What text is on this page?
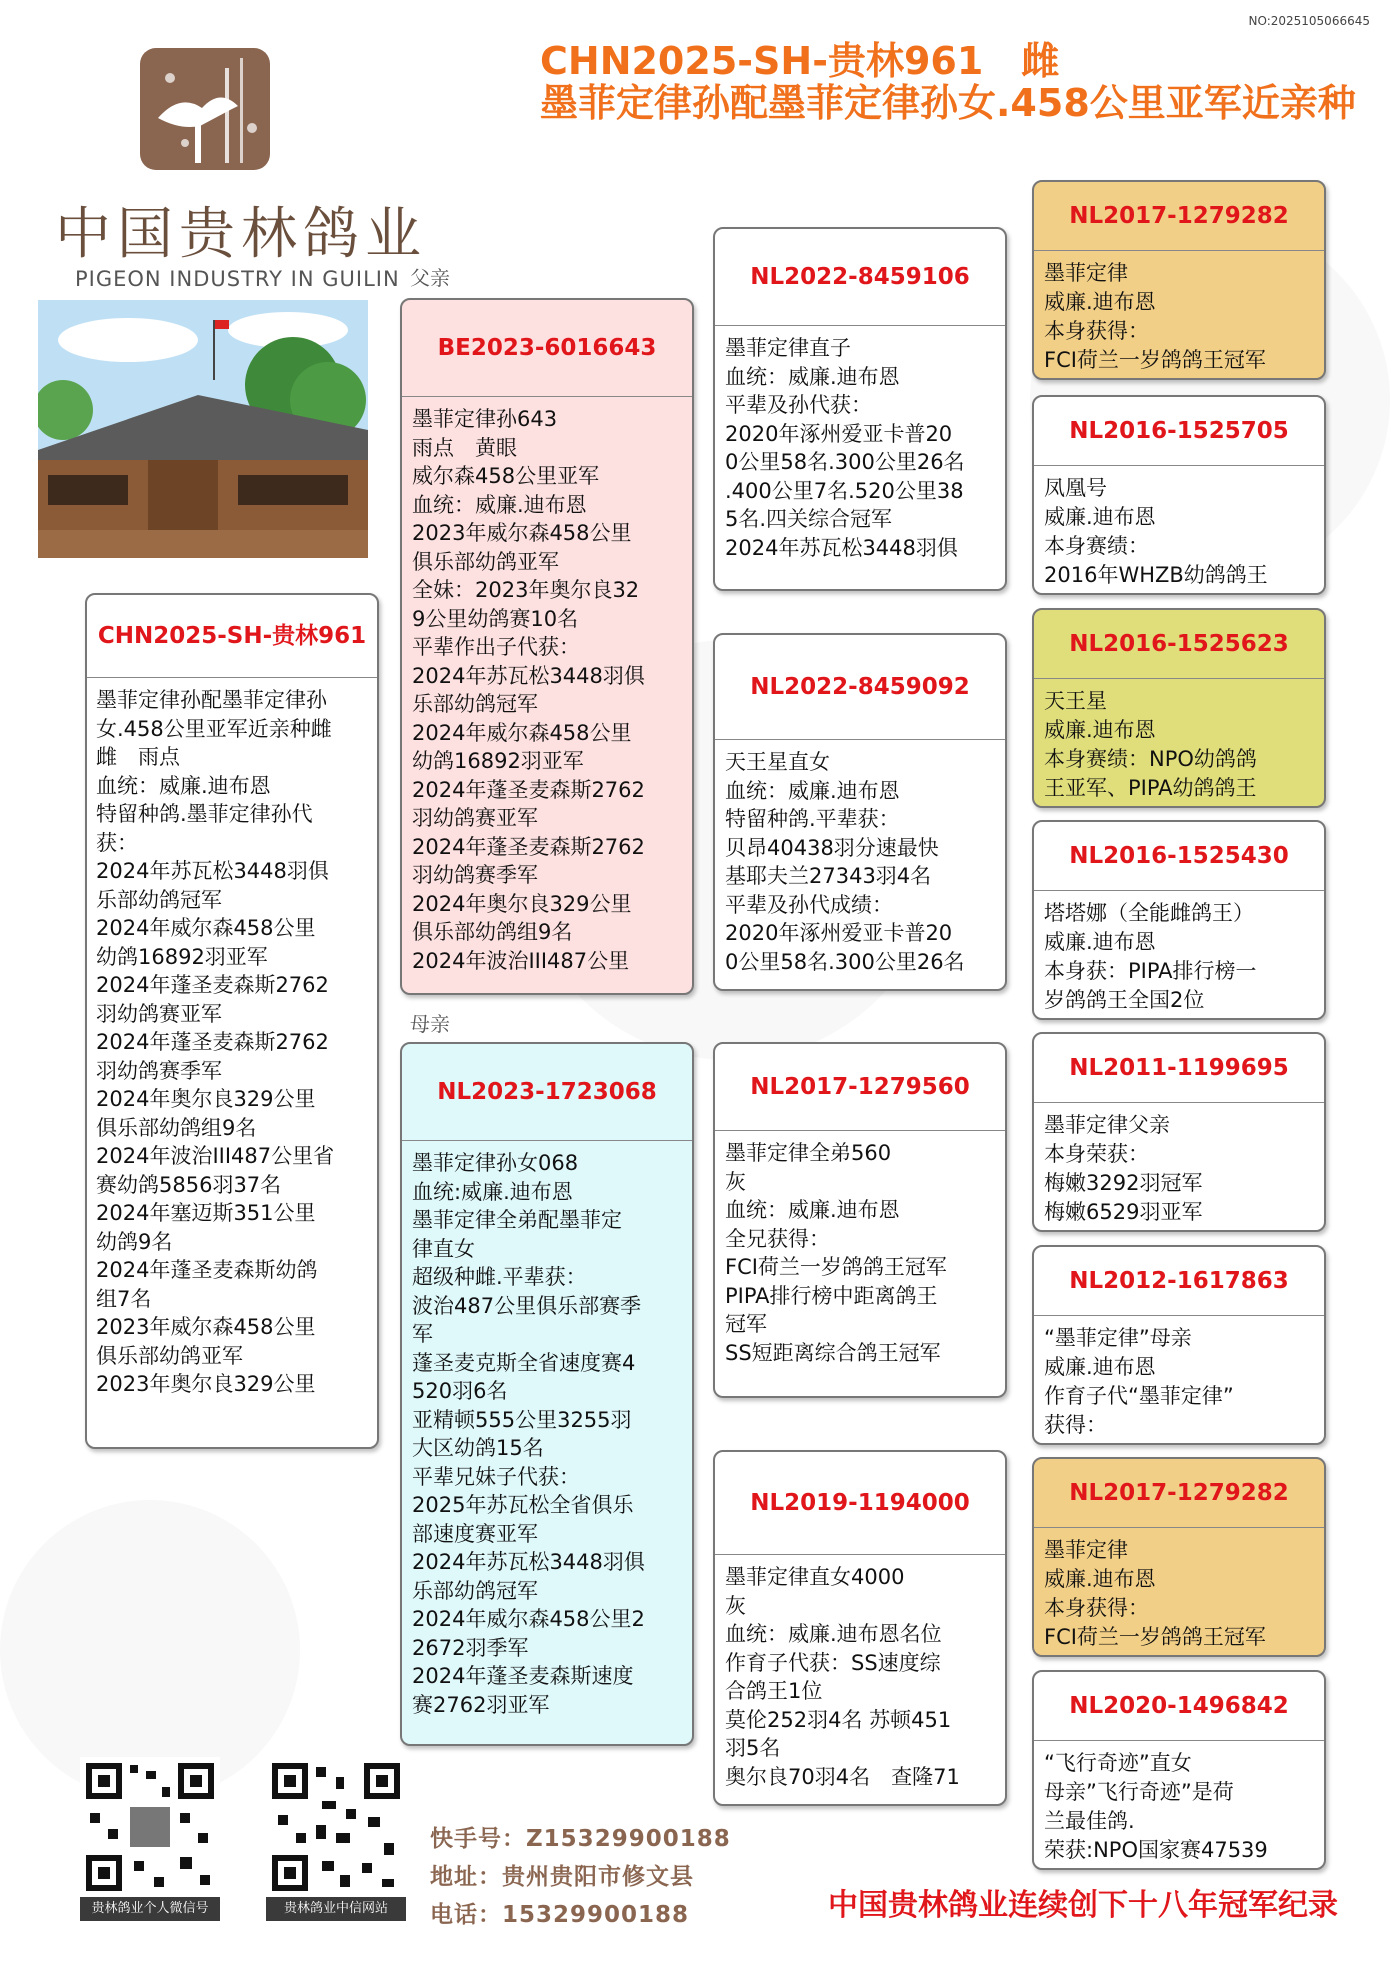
NO:2025105066645
CHN2025-SH-贵林961　雌
墨菲定律孙配墨菲定律孙女.458公里亚军近亲种
中国贵林鸽业
PIGEON INDUSTRY IN GUILIN 父亲
母亲
CHN2025-SH-贵林961
墨菲定律孙配墨菲定律孙
女.458公里亚军近亲种雌
雌　雨点
血统：威廉.迪布恩
特留种鸽.墨菲定律孙代
获：
2024年苏瓦松3448羽俱
乐部幼鸽冠军
2024年威尔森458公里
幼鸽16892羽亚军
2024年蓬圣麦森斯2762
羽幼鸽赛亚军
2024年蓬圣麦森斯2762
羽幼鸽赛季军
2024年奥尔良329公里
俱乐部幼鸽组9名
2024年波治III487公里省
赛幼鸽5856羽37名
2024年塞迈斯351公里
幼鸽9名
2024年蓬圣麦森斯幼鸽
组7名
2023年威尔森458公里
俱乐部幼鸽亚军
2023年奥尔良329公里
BE2023-6016643
墨菲定律孙643
雨点　黄眼
威尔森458公里亚军
血统：威廉.迪布恩
2023年威尔森458公里
俱乐部幼鸽亚军
全妹：2023年奥尔良32
9公里幼鸽赛10名
平辈作出子代获：
2024年苏瓦松3448羽俱
乐部幼鸽冠军
2024年威尔森458公里
幼鸽16892羽亚军
2024年蓬圣麦森斯2762
羽幼鸽赛亚军
2024年蓬圣麦森斯2762
羽幼鸽赛季军
2024年奥尔良329公里
俱乐部幼鸽组9名
2024年波治III487公里
NL2023-1723068
墨菲定律孙女068
血统:威廉.迪布恩
墨菲定律全弟配墨菲定
律直女
超级种雌.平辈获：
波治487公里俱乐部赛季
军
蓬圣麦克斯全省速度赛4
520羽6名
亚精顿555公里3255羽
大区幼鸽15名
平辈兄妹子代获：
2025年苏瓦松全省俱乐
部速度赛亚军
2024年苏瓦松3448羽俱
乐部幼鸽冠军
2024年威尔森458公里2
2672羽季军
2024年蓬圣麦森斯速度
赛2762羽亚军
NL2022-8459106
墨菲定律直子
血统：威廉.迪布恩
平辈及孙代获：
2020年涿州爱亚卡普20
0公里58名.300公里26名
.400公里7名.520公里38
5名.四关综合冠军
2024年苏瓦松3448羽俱
NL2022-8459092
天王星直女
血统：威廉.迪布恩
特留种鸽.平辈获：
贝昂40438羽分速最快
基耶夫兰27343羽4名
平辈及孙代成绩：
2020年涿州爱亚卡普20
0公里58名.300公里26名
NL2017-1279560
墨菲定律全弟560
灰
血统：威廉.迪布恩
全兄获得：
FCI荷兰一岁鸽鸽王冠军
PIPA排行榜中距离鸽王
冠军
SS短距离综合鸽王冠军
NL2019-1194000
墨菲定律直女4000
灰
血统：威廉.迪布恩名位
作育子代获：SS速度综
合鸽王1位
莫伦252羽4名 苏顿451
羽5名
奥尔良70羽4名　查隆71
NL2017-1279282
墨菲定律
威廉.迪布恩
本身获得：
FCI荷兰一岁鸽鸽王冠军
NL2016-1525705
凤凰号
威廉.迪布恩
本身赛绩：
2016年WHZB幼鸽鸽王
NL2016-1525623
天王星
威廉.迪布恩
本身赛绩：NPO幼鸽鸽
王亚军、PIPA幼鸽鸽王
NL2016-1525430
塔塔娜（全能雌鸽王）
威廉.迪布恩
本身获：PIPA排行榜一
岁鸽鸽王全国2位
NL2011-1199695
墨菲定律父亲
本身荣获：
梅嫩3292羽冠军
梅嫩6529羽亚军
NL2012-1617863
“墨菲定律”母亲
威廉.迪布恩
作育子代“墨菲定律”
获得：
NL2017-1279282
墨菲定律
威廉.迪布恩
本身获得：
FCI荷兰一岁鸽鸽王冠军
NL2020-1496842
“飞行奇迹”直女
母亲”飞行奇迹”是荷
兰最佳鸽.
荣获:NPO国家赛47539
贵林鸽业个人微信号	贵林鸽业中信网站
快手号：Z15329900188
地址：贵州贵阳市修文县
电话：15329900188	中国贵林鸽业连续创下十八年冠军纪录
